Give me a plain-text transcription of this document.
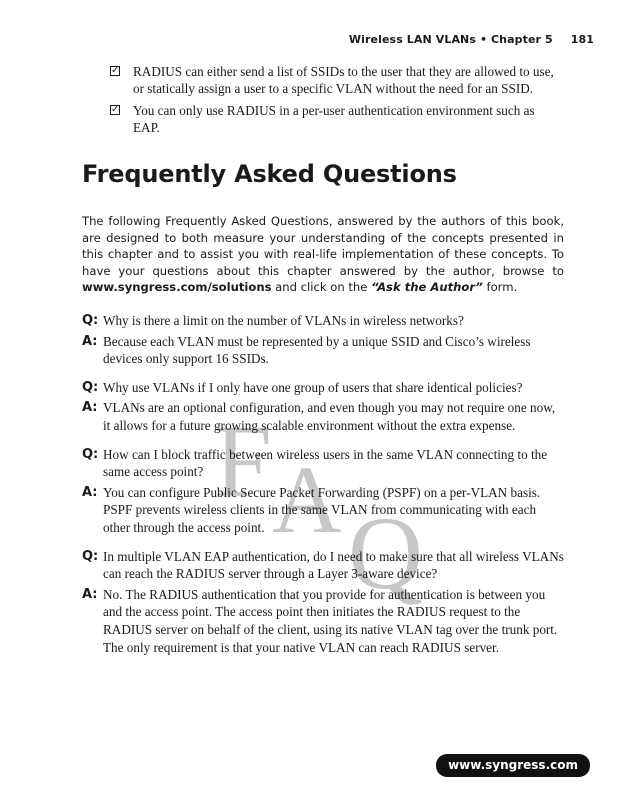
Wireless LAN VLANs • Chapter 5 181
F A Q
✓ RADIUS can either send a list of SSIDs to the user that they are allowed to use, or statically assign a user to a specific VLAN without the need for an SSID.
✓ You can only use RADIUS in a per-user authentication environment such as EAP.
Frequently Asked Questions
The following Frequently Asked Questions, answered by the authors of this book, are designed to both measure your understanding of the concepts presented in this chapter and to assist you with real-life implementation of these concepts. To have your questions about this chapter answered by the author, browse to www.syngress.com/solutions and click on the “Ask the Author” form.
Q: Why is there a limit on the number of VLANs in wireless networks?
A: Because each VLAN must be represented by a unique SSID and Cisco’s wireless devices only support 16 SSIDs.
Q: Why use VLANs if I only have one group of users that share identical policies?
A: VLANs are an optional configuration, and even though you may not require one now, it allows for a future growing scalable environment without the extra expense.
Q: How can I block traffic between wireless users in the same VLAN connecting to the same access point?
A: You can configure Public Secure Packet Forwarding (PSPF) on a per-VLAN basis. PSPF prevents wireless clients in the same VLAN from communicating with each other through the access point.
Q: In multiple VLAN EAP authentication, do I need to make sure that all wireless VLANs can reach the RADIUS server through a Layer 3-aware device?
A: No. The RADIUS authentication that you provide for authentication is between you and the access point. The access point then initiates the RADIUS request to the RADIUS server on behalf of the client, using its native VLAN tag over the trunk port. The only requirement is that your native VLAN can reach RADIUS server.
www.syngress.com
